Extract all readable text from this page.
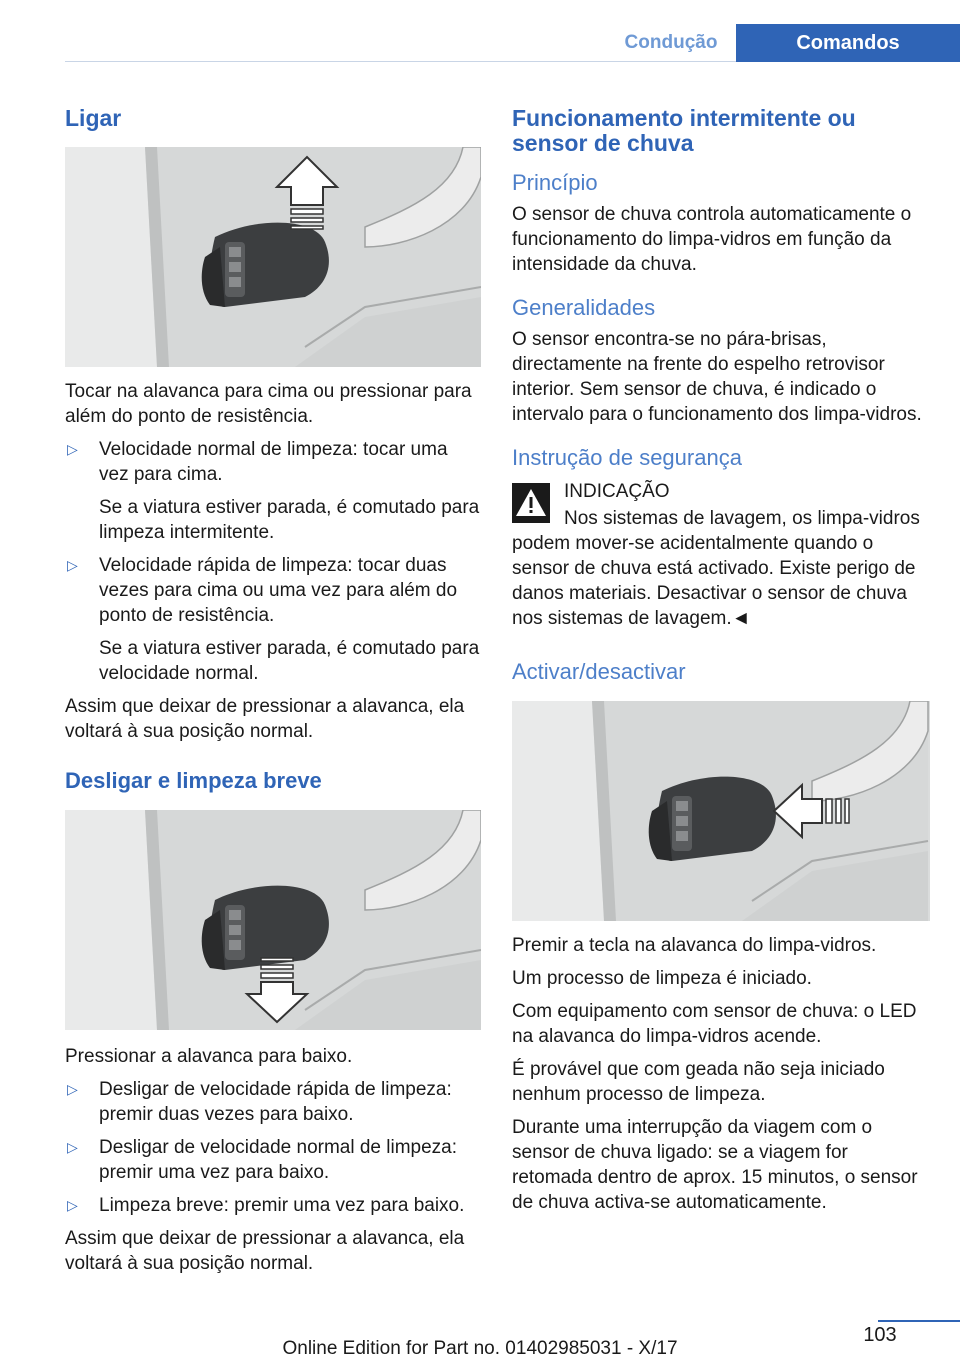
Condução	Comandos
Ligar

Tocar na alavanca para cima ou pressionar para além do ponto de resistência.

▷ Velocidade normal de limpeza: tocar uma vez para cima.

Se a viatura estiver parada, é comutado para limpeza intermitente.

▷ Velocidade rápida de limpeza: tocar duas vezes para cima ou uma vez para além do ponto de resistência.

Se a viatura estiver parada, é comutado para velocidade normal.

Assim que deixar de pressionar a alavanca, ela voltará à sua posição normal.

Desligar e limpeza breve

Pressionar a alavanca para baixo.

▷ Desligar de velocidade rápida de limpeza: premir duas vezes para baixo.

▷ Desligar de velocidade normal de limpeza: premir uma vez para baixo.

▷ Limpeza breve: premir uma vez para baixo.

Assim que deixar de pressionar a alavanca, ela voltará à sua posição normal.

Funcionamento intermitente ou sensor de chuva
Princípio

O sensor de chuva controla automaticamente o funcionamento do limpa-vidros em função da intensidade da chuva.

Generalidades

O sensor encontra-se no pára-brisas, directamente na frente do espelho retrovisor interior. Sem sensor de chuva, é indicado o intervalo para o funcionamento dos limpa-vidros.

Instrução de segurança

INDICAÇÃO

Nos sistemas de lavagem, os limpa-vidros podem mover-se acidentalmente quando o sensor de chuva está activado. Existe perigo de danos materiais. Desactivar o sensor de chuva nos sistemas de lavagem.◄

Activar/desactivar

Premir a tecla na alavanca do limpa-vidros.

Um processo de limpeza é iniciado.

Com equipamento com sensor de chuva: o LED na alavanca do limpa-vidros acende.

É provável que com geada não seja iniciado nenhum processo de limpeza.

Durante uma interrupção da viagem com o sensor de chuva ligado: se a viagem for retomada dentro de aprox. 15 minutos, o sensor de chuva activa-se automaticamente.

103
Online Edition for Part no. 01402985031 - X/17
